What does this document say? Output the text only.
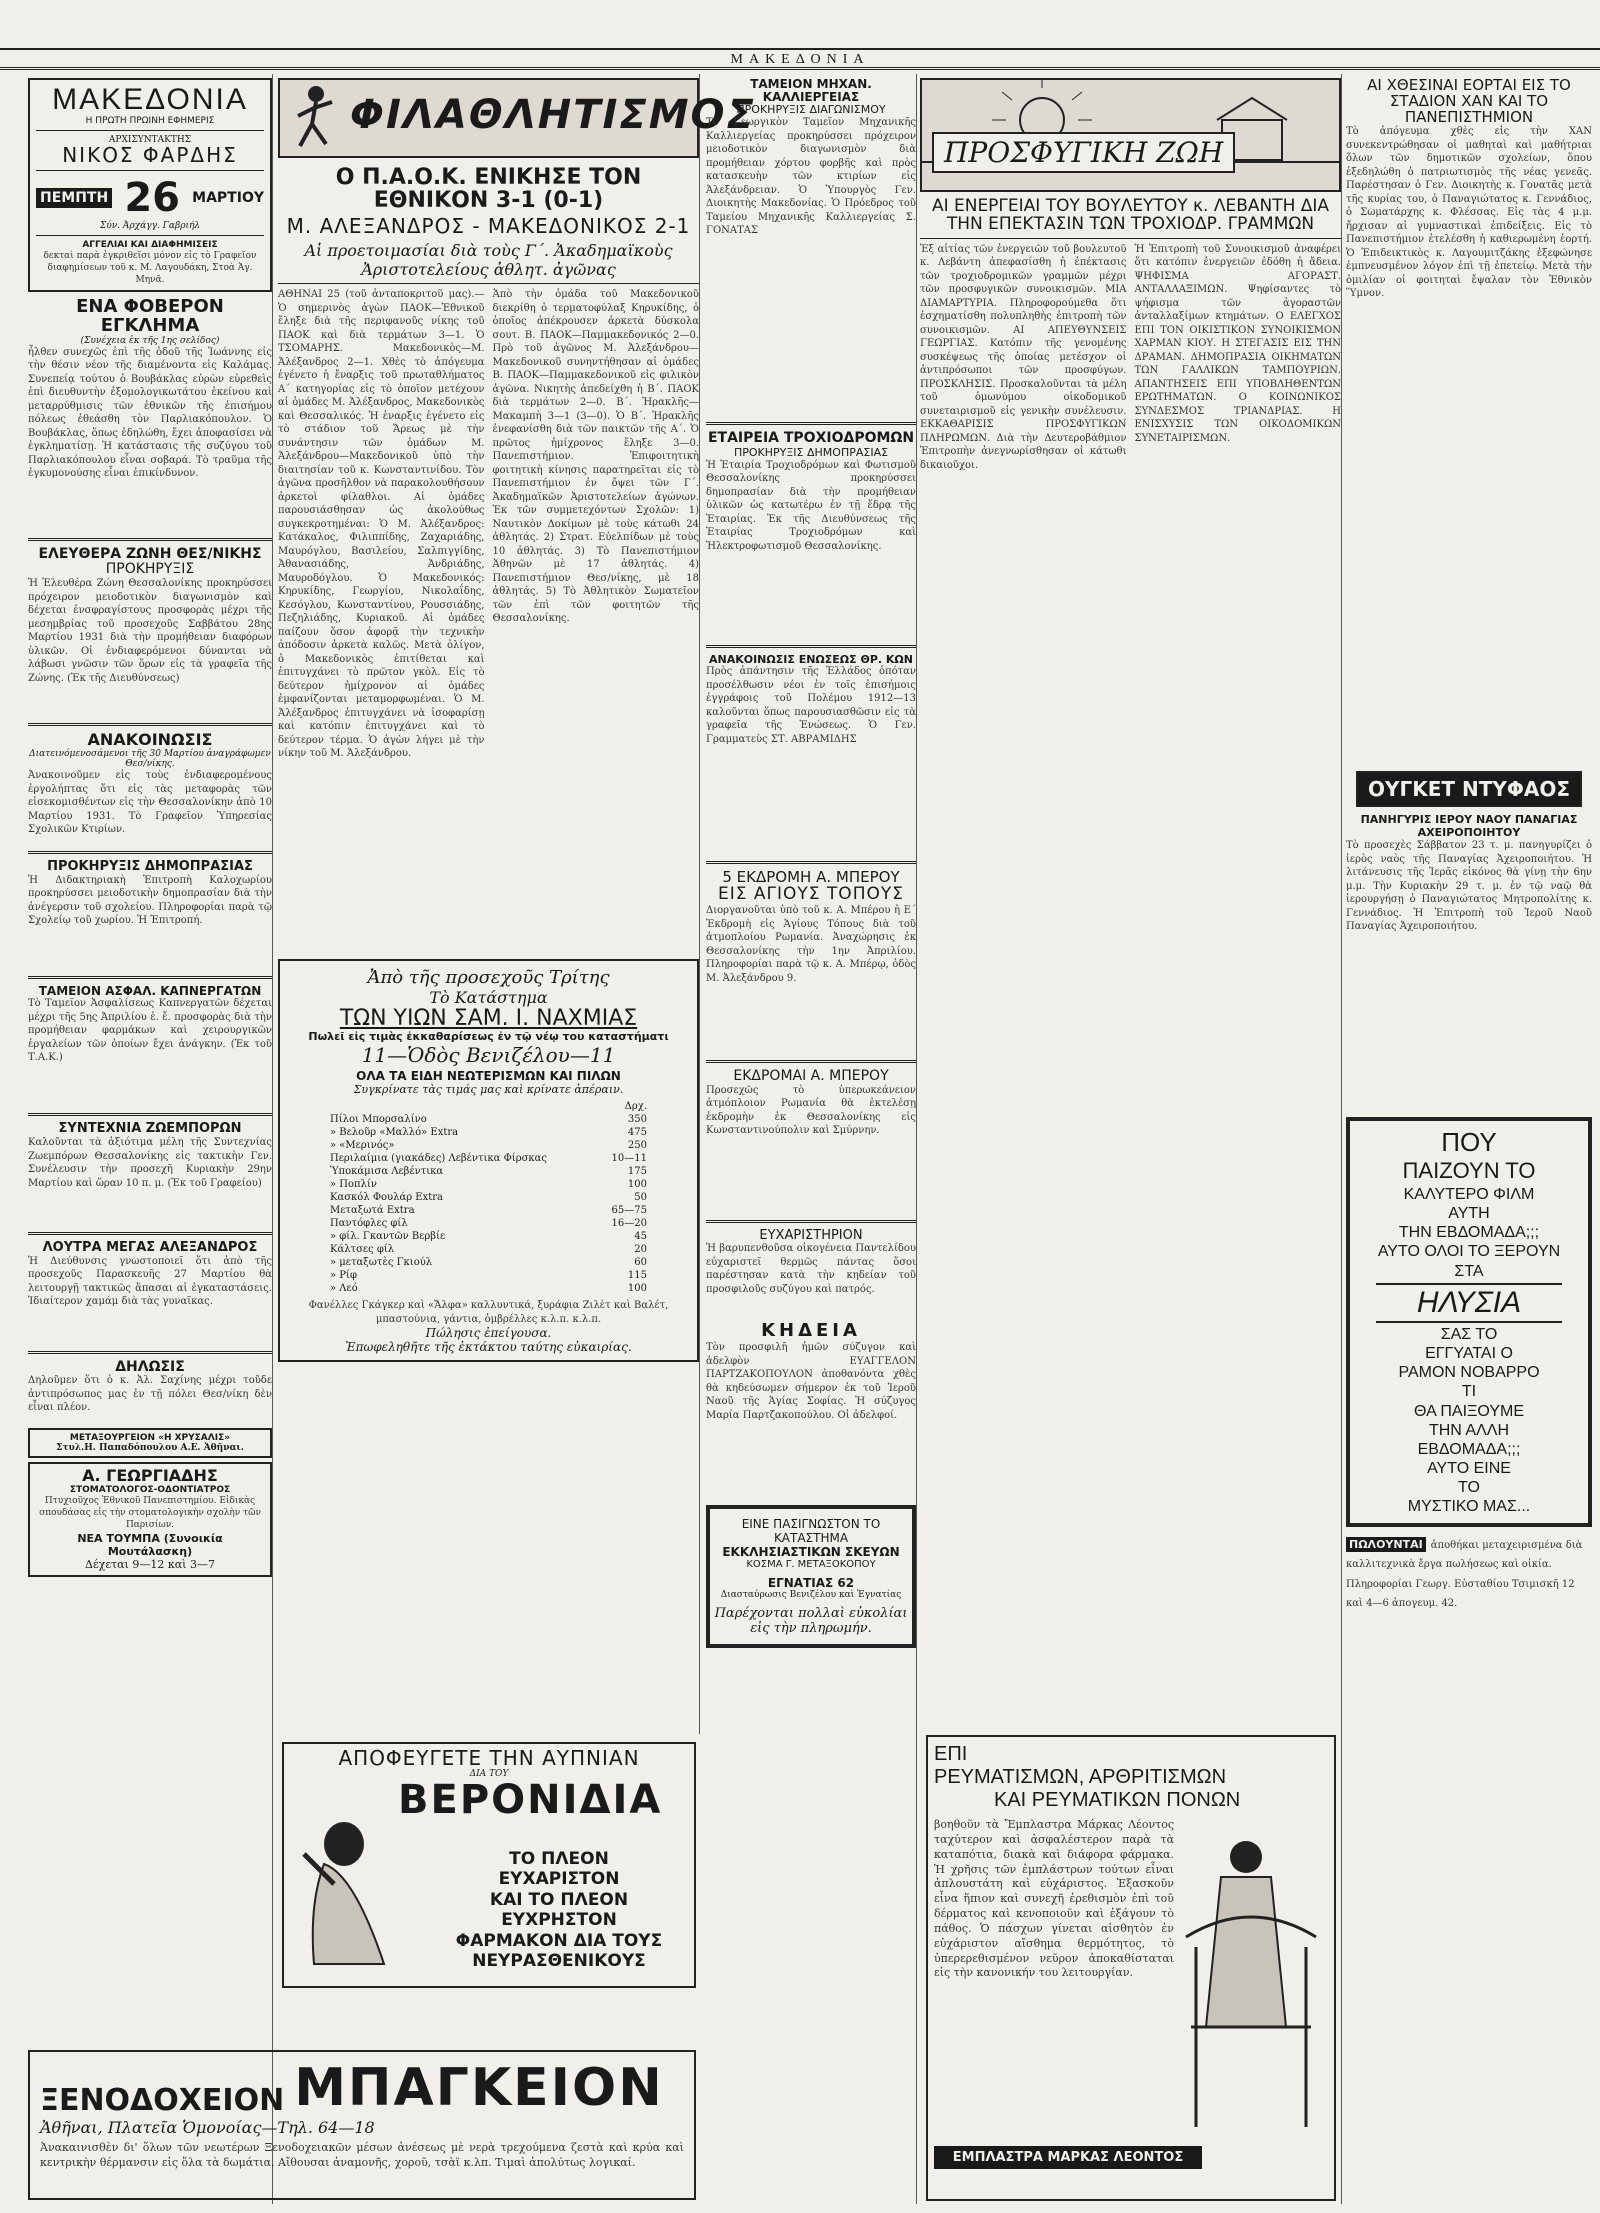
ΜΑΚΕΔΟΝΙΑ
ΜΑΚΕΔΟΝΙΑ
Η ΠΡΩΤΗ ΠΡΩΙΝΗ ΕΦΗΜΕΡΙΣ
ΑΡΧΙΣΥΝΤΑΚΤΗΣ
ΝΙΚΟΣ ΦΑΡΔΗΣ
ΠΕΜΠΤΗ 26 ΜΑΡΤΙΟΥ
Σύν. Ἀρχάγγ. Γαβριήλ
ΑΓΓΕΛΙΑΙ ΚΑΙ ΔΙΑΦΗΜΙΣΕΙΣ
δεκταὶ παρὰ ἐγκριθεῖσι μόνον εἰς τὸ Γραφεῖον διαφημίσεων τοῦ κ. Μ. Λαγουδάκη, Στοὰ Ἁγ. Μηνᾶ.
ΕΝΑ ΦΟΒΕΡΟΝ ΕΓΚΛΗΜΑ
(Συνέχεια ἐκ τῆς 1ης σελίδος)
ἦλθεν συνεχῶς ἐπὶ τῆς ὁδοῦ τῆς Ἰωάννης εἰς τὴν θέσιν νέον τῆς διαμένοντα εἰς Καλάμας. Συνεπείᾳ τούτου ὁ Βουβάκλας εὑρὼν εὑρεθεὶς ἐπὶ διευθυντὴν ἐξομολογικωτάτου ἐκείνου καὶ μεταρρύθμισις τῶν ἐθνικῶν τῆς ἐπισήμου πόλεως ἐθεάσθη τὸν Παρλιακόπουλον. Ὁ Βουβάκλας, ὅπως ἐδηλώθη, ἔχει ἀποφασίσει νὰ ἐγκληματίσῃ. Ἡ κατάστασις τῆς συζύγου τοῦ Παρλιακόπουλου εἶναι σοβαρά. Τὸ τραῦμα τῆς ἐγκυμονούσης εἶναι ἐπικίνδυνον.
ΕΛΕΥΘΕΡΑ ΖΩΝΗ ΘΕΣ/ΝΙΚΗΣ
ΠΡΟΚΗΡΥΞΙΣ
Ἡ Ἐλευθέρα Ζώνη Θεσσαλονίκης προκηρύσσει πρόχειρον μειοδοτικὸν διαγωνισμὸν καὶ δέχεται ἐνσφραγίστους προσφορὰς μέχρι τῆς μεσημβρίας τοῦ προσεχοῦς Σαββάτου 28ης Μαρτίου 1931 διὰ τὴν προμήθειαν διαφόρων ὑλικῶν. Οἱ ἐνδιαφερόμενοι δύνανται νὰ λάβωσι γνῶσιν τῶν ὅρων εἰς τὰ γραφεῖα τῆς Ζώνης. (Ἐκ τῆς Διευθύνσεως)
ΑΝΑΚΟΙΝΩΣΙΣ
Διατεινόμενοσάμενοι τῆς 30 Μαρτίου ἀναγράφωμεν Θεσ/νίκης.
Ἀνακοινοῦμεν εἰς τοὺς ἐνδιαφερομένους ἐργολήπτας ὅτι εἰς τὰς μεταφορὰς τῶν εἰσεκομισθέντων εἰς τὴν Θεσσαλονίκην ἀπὸ 10 Μαρτίου 1931. Τὸ Γραφεῖον Ὑπηρεσίας Σχολικῶν Κτιρίων.
ΠΡΟΚΗΡΥΞΙΣ ΔΗΜΟΠΡΑΣΙΑΣ
Ἡ Διδακτηριακὴ Ἐπιτροπὴ Καλοχωρίου προκηρύσσει μειοδοτικὴν δημοπρασίαν διὰ τὴν ἀνέγερσιν τοῦ σχολείου. Πληροφορίαι παρὰ τῷ Σχολείῳ τοῦ χωρίου. Ἡ Ἐπιτροπή.
ΤΑΜΕΙΟΝ ΑΣΦΑΛ. ΚΑΠΝΕΡΓΑΤΩΝ
Τὸ Ταμεῖον Ἀσφαλίσεως Καπνεργατῶν δέχεται μέχρι τῆς 5ης Ἀπριλίου ἐ. ἔ. προσφορὰς διὰ τὴν προμήθειαν φαρμάκων καὶ χειρουργικῶν ἐργαλείων τῶν ὁποίων ἔχει ἀνάγκην. (Ἐκ τοῦ Τ.Α.Κ.)
ΣΥΝΤΕΧΝΙΑ ΖΩΕΜΠΟΡΩΝ
Καλοῦνται τὰ ἀξιότιμα μέλη τῆς Συντεχνίας Ζωεμπόρων Θεσσαλονίκης εἰς τακτικὴν Γεν. Συνέλευσιν τὴν προσεχῆ Κυριακὴν 29ην Μαρτίου καὶ ὥραν 10 π. μ. (Ἐκ τοῦ Γραφείου)
ΛΟΥΤΡΑ ΜΕΓΑΣ ΑΛΕΞΑΝΔΡΟΣ
Ἡ Διεύθυνσις γνωστοποιεῖ ὅτι ἀπὸ τῆς προσεχοῦς Παρασκευῆς 27 Μαρτίου θὰ λειτουργῇ τακτικῶς ἅπασαι αἱ ἐγκαταστάσεις. Ἰδιαίτερον χαμάμ διὰ τὰς γυναῖκας.
ΔΗΛΩΣΙΣ
Δηλοῦμεν ὅτι ὁ κ. Ἀλ. Σαχίνης μέχρι τοῦδε ἀντιπρόσωπος μας ἐν τῇ πόλει Θεσ/νίκη δὲν εἶναι πλέον.
ΜΕΤΑΞΟΥΡΓΕΙΟΝ «Η ΧΡΥΣΑΛΙΣ»
Στυλ.Η. Παπαδόπουλου Α.Ε. Ἀθῆναι.
Α. ΓΕΩΡΓΙΑΔΗΣ
ΣΤΟΜΑΤΟΛΟΓΟΣ-ΟΔΟΝΤΙΑΤΡΟΣ
Πτυχιοῦχος Ἐθνικοῦ Πανεπιστημίου. Εἰδικὰς σπουδάσας εἰς τὴν στοματολογικὴν σχολὴν τῶν Παρισίων.
ΝΕΑ ΤΟΥΜΠΑ (Συνοικία Μουτάλασκη)
Δέχεται 9—12 καὶ 3—7
ΦΙΛΑΘΛΗΤΙΣΜΟΣ
Ο Π.Α.Ο.Κ. ΕΝΙΚΗΣΕ ΤΟΝ ΕΘΝΙΚΟΝ 3-1 (0-1)
Μ. ΑΛΕΞΑΝΔΡΟΣ - ΜΑΚΕΔΟΝΙΚΟΣ 2-1
Αἱ προετοιμασίαι διὰ τοὺς Γ΄. Ἀκαδημαϊκοὺς Ἀριστοτελείους ἀθλητ. ἀγῶνας
ΑΘΗΝΑΙ 25 (τοῦ ἀνταποκριτοῦ μας).— Ὁ σημερινὸς ἀγὼν ΠΑΟΚ—Ἐθνικοῦ ἔληξε διὰ τῆς περιφανοῦς νίκης τοῦ ΠΑΟΚ καὶ διὰ τερμάτων 3—1. Ὁ ΤΣΟΜΑΡΗΣ. Μακεδονικὸς—Μ. Ἀλέξανδρος 2—1. Χθὲς τὸ ἀπόγευμα ἐγένετο ἡ ἔναρξις τοῦ πρωταθλήματος Α΄ κατηγορίας εἰς τὸ ὁποῖον μετέχουν αἱ ὁμάδες Μ. Ἀλέξανδρος, Μακεδονικὸς καὶ Θεσσαλικός. Ἡ ἐναρξις ἐγένετο εἰς τὸ στάδιον τοῦ Ἄρεως μὲ τὴν συνάντησιν τῶν ὁμάδων Μ. Ἀλεξάνδρου—Μακεδονικοῦ ὑπὸ τὴν διαιτησίαν τοῦ κ. Κωνσταντινίδου. Τὸν ἀγῶνα προσῆλθον νὰ παρακολουθήσουν ἀρκετοὶ φίλαθλοι. Αἱ ὁμάδες παρουσιάσθησαν ὡς ἀκολούθως συγκεκροτημέναι: Ὁ Μ. Ἀλέξανδρος: Κατάκαλος, Φιλιππίδης, Ζαχαριάδης, Μαυρόγλου, Βασιλείου, Σαλπιγγίδης, Ἀθανασιάδης, Ἀνδριάδης, Μαυροδόγλου. Ὁ Μακεδονικός: Κηρυκίδης, Γεωργίου, Νικολαΐδης, Κεσόγλου, Κωνσταντίνου, Ρουσσιάδης, Πεζηλιάδης, Κυριακοῦ. Αἱ ὁμάδες παίζουν ὅσον ἀφορᾷ τὴν τεχνικὴν ἀπόδοσιν ἀρκετὰ καλῶς. Μετὰ ὀλίγον, ὁ Μακεδονικὸς ἐπιτίθεται καὶ ἐπιτυγχάνει τὸ πρῶτον γκὸλ. Εἰς τὸ δεύτερον ἡμίχρονον αἱ ὁμάδες ἐμφανίζονται μεταμορφωμέναι. Ὁ Μ. Ἀλέξανδρος ἐπιτυγχάνει νὰ ἰσοφαρίσῃ καὶ κατόπιν ἐπιτυγχάνει καὶ τὸ δεύτερον τέρμα. Ὁ ἀγὼν λήγει μὲ τὴν νίκην τοῦ Μ. Ἀλεξάνδρου.
Ἀπὸ τὴν ὁμάδα τοῦ Μακεδονικοῦ διεκρίθη ὁ τερματοφύλαξ Κηρυκίδης, ὁ ὁποῖος ἀπέκρουσεν ἀρκετὰ δύσκολα σουτ. Β. ΠΑΟΚ—Παμμακεδονικός 2—0. Πρὸ τοῦ ἀγῶνος Μ. Ἀλεξάνδρου—Μακεδονικοῦ συνηντήθησαν αἱ ὁμάδες Β. ΠΑΟΚ—Παμμακεδονικοῦ εἰς φιλικὸν ἀγῶνα. Νικητὴς ἀπεδείχθη ἡ Β΄. ΠΑΟΚ διὰ τερμάτων 2—0. Β΄. Ἡρακλῆς—Μακαμπὴ 3—1 (3—0). Ὁ Β΄. Ἡρακλῆς ἐνεφανίσθη διὰ τῶν παικτῶν τῆς Α΄. Ὁ πρῶτος ἡμίχρονος ἔληξε 3—0. Πανεπιστήμιον. Ἐπιφοιτητικὴ φοιτητικὴ κίνησις παρατηρεῖται εἰς τὸ Πανεπιστήμιον ἐν ὄψει τῶν Γ΄. Ἀκαδημαϊκῶν Ἀριστοτελείων ἀγώνων. Ἐκ τῶν συμμετεχόντων Σχολῶν: 1) Ναυτικὸν Δοκίμων μὲ τοὺς κάτωθι 24 ἀθλητάς. 2) Στρατ. Εὐελπίδων μὲ τοὺς 10 ἀθλητάς. 3) Τὸ Πανεπιστήμιον Ἀθηνῶν μὲ 17 ἀθλητάς. 4) Πανεπιστήμιον Θεσ/νίκης, μὲ 18 ἀθλητάς. 5) Τὸ Ἀθλητικὸν Σωματεῖον τῶν ἐπὶ τῶν φοιτητῶν τῆς Θεσσαλονίκης.
Ἀπὸ τῆς προσεχοῦς Τρίτης
Τὸ Κατάστημα
ΤΩΝ ΥΙΩΝ ΣΑΜ. Ι. ΝΑΧΜΙΑΣ
Πωλεῖ εἰς τιμὰς ἐκκαθαρίσεως ἐν τῷ νέῳ του καταστήματι
11—Ὁδὸς Βενιζέλου—11
ΟΛΑ ΤΑ ΕΙΔΗ ΝΕΩΤΕΡΙΣΜΩΝ ΚΑΙ ΠΙΛΩΝ
Συγκρίνατε τὰς τιμάς μας καὶ κρίνατε ἀπέραιν.
Δρχ.
Πίλοι Μπορσαλίνο	350
» Βελοῦρ «Μαλλό» Extra	475
» «Μερινός»	250
Περιλαίμια (γιακάδες) Λεβέντικα Φίρσκας	10—11
Ὑποκάμισα Λεβέντικα	175
» Ποπλίν	100
Κασκόλ Φουλάρ Extra	50
Μεταξωτά Extra	65—75
Παντόφλες φίλ	16—20
» φίλ. Γκαντῶν Βερβίε	45
Κάλτσες φίλ	20
» μεταξωτὲς Γκιούλ	60
» Ρίφ	115
» Λεό	100
Φανέλλες Γκάγκερ καὶ «Ἄλφα» καλλυντικά, ξυράφια Ζιλὲτ καὶ Βαλέτ, μπαστούνια, γάντια, ὀμβρέλλες κ.λ.π. κ.λ.π.
Πώλησις ἐπείγουσα.
Ἐπωφεληθῆτε τῆς ἐκτάκτου ταύτης εὐκαιρίας.
ΑΠΟΦΕΥΓΕΤΕ ΤΗΝ ΑΥΠΝΙΑΝ
ΔΙΑ ΤΟΥ
ΒΕΡΟΝΙΔΙΑ
ΤΟ ΠΛΕΟΝ
ΕΥΧΑΡΙΣΤΟΝ
ΚΑΙ ΤΟ ΠΛΕΟΝ
ΕΥΧΡΗΣΤΟΝ
ΦΑΡΜΑΚΟΝ ΔΙΑ ΤΟΥΣ
ΝΕΥΡΑΣΘΕΝΙΚΟΥΣ
ΞΕΝΟΔΟΧΕΙΟΝ ΜΠΑΓΚΕΙΟΝ
Ἀθῆναι, Πλατεῖα Ὁμονοίας—Τηλ. 64—18
Ἀνακαινισθὲν δι' ὅλων τῶν νεωτέρων Ξενοδοχειακῶν μέσων ἀνέσεως μὲ νερὰ τρεχούμενα ζεστὰ καὶ κρύα καὶ κεντρικὴν θέρμανσιν εἰς ὅλα τὰ δωμάτια. Αἴθουσαι ἀναμονῆς, χοροῦ, τσὰϊ κ.λπ. Τιμαὶ ἀπολύτως λογικαί.
ΤΑΜΕΙΟΝ ΜΗΧΑΝ. ΚΑΛΛΙΕΡΓΕΙΑΣ
ΠΡΟΚΗΡΥΞΙΣ ΔΙΑΓΩΝΙΣΜΟΥ
Τὸ Γεωργικὸν Ταμεῖον Μηχανικῆς Καλλιεργείας προκηρύσσει πρόχειρον μειοδοτικὸν διαγωνισμὸν διὰ προμήθειαν χόρτου φορβῆς καὶ πρὸς κατασκευὴν τῶν κτιρίων εἰς Ἀλεξάνδρειαν. Ὁ Ὑπουργὸς Γεν. Διοικητὴς Μακεδονίας. Ὁ Πρόεδρος τοῦ Ταμείου Μηχανικῆς Καλλιεργείας Σ. ΓΟΝΑΤΑΣ
ΕΤΑΙΡΕΙΑ ΤΡΟΧΙΟΔΡΟΜΩΝ
ΠΡΟΚΗΡΥΞΙΣ ΔΗΜΟΠΡΑΣΙΑΣ
Ἡ Ἑταιρία Τροχιοδρόμων καὶ Φωτισμοῦ Θεσσαλονίκης προκηρύσσει δημοπρασίαν διὰ τὴν προμήθειαν ὑλικῶν ὡς κατωτέρω ἐν τῇ ἕδρᾳ τῆς Ἑταιρίας. Ἐκ τῆς Διευθύνσεως τῆς Ἑταιρίας Τροχιοδρόμων καὶ Ἠλεκτροφωτισμοῦ Θεσσαλονίκης.
ΑΝΑΚΟΙΝΩΣΙΣ ΕΝΩΣΕΩΣ ΘΡ. ΚΩΝ
Πρὸς ἀπάντησιν τῆς Ἑλλάδος ὁπόταν προσέλθωσιν νέοι ἐν τοῖς ἐπισήμοις ἐγγράφοις τοῦ Πολέμου 1912—13 καλοῦνται ὅπως παρουσιασθῶσιν εἰς τὰ γραφεῖα τῆς Ἑνώσεως. Ὁ Γεν. Γραμματεὺς ΣΤ. ΑΒΡΑΜΙΔΗΣ
5 ΕΚΔΡΟΜΗ Α. ΜΠΕΡΟΥ
ΕΙΣ ΑΓΙΟΥΣ ΤΟΠΟΥΣ
Διοργανοῦται ὑπὸ τοῦ κ. Α. Μπέρου ἡ Ε΄ Ἐκδρομὴ εἰς Ἁγίους Τόπους διὰ τοῦ ἀτμοπλοίου Ρωμανία. Ἀναχώρησις ἐκ Θεσσαλονίκης τὴν 1ην Ἀπριλίου. Πληροφορίαι παρὰ τῷ κ. Α. Μπέρῳ, ὁδὸς Μ. Ἀλεξάνδρου 9.
ΕΚΔΡΟΜΑΙ Α. ΜΠΕΡΟΥ
Προσεχῶς τὸ ὑπερωκεάνειον ἀτμόπλοιον Ρωμανία θὰ ἐκτελέσῃ ἐκδρομὴν ἐκ Θεσσαλονίκης εἰς Κωνσταντινούπολιν καὶ Σμύρνην.
ΕΥΧΑΡΙΣΤΗΡΙΟΝ
Ἡ βαρυπενθοῦσα οἰκογένεια Παντελίδου εὐχαριστεῖ θερμῶς πάντας ὅσοι παρέστησαν κατὰ τὴν κηδείαν τοῦ προσφιλοῦς συζύγου καὶ πατρός.
ΚΗΔΕΙΑ
Τὸν προσφιλῆ ἡμῶν σύζυγον καὶ ἀδελφὸν ΕΥΑΓΓΕΛΟΝ ΠΑΡΤΖΑΚΟΠΟΥΛΟΝ ἀποθανόντα χθὲς θὰ κηδεύσωμεν σήμερον ἐκ τοῦ Ἱεροῦ Ναοῦ τῆς Ἁγίας Σοφίας. Ἡ σύζυγος Μαρία Παρτζακοπούλου. Οἱ ἀδελφοί.
ΕΙΝΕ ΠΑΣΙΓΝΩΣΤΟΝ ΤΟ ΚΑΤΑΣΤΗΜΑ
ΕΚΚΛΗΣΙΑΣΤΙΚΩΝ ΣΚΕΥΩΝ
ΚΟΣΜΑ Γ. ΜΕΤΑΞΟΚΟΠΟΥ
ΕΓΝΑΤΙΑΣ 62
Διασταύρωσις Βενιζέλου καὶ Ἐγνατίας
Παρέχονται πολλαὶ εὐκολίαι εἰς τὴν πληρωμήν.
ΠΡΟΣΦΥΓΙΚΗ ΖΩΗ
ΑΙ ΕΝΕΡΓΕΙΑΙ ΤΟΥ ΒΟΥΛΕΥΤΟΥ κ. ΛΕΒΑΝΤΗ ΔΙΑ ΤΗΝ ΕΠΕΚΤΑΣΙΝ ΤΩΝ ΤΡΟΧΙΟΔΡ. ΓΡΑΜΜΩΝ
Ἐξ αἰτίας τῶν ἐνεργειῶν τοῦ βουλευτοῦ κ. Λεβάντη ἀπεφασίσθη ἡ ἐπέκτασις τῶν τροχιοδρομικῶν γραμμῶν μέχρι τῶν προσφυγικῶν συνοικισμῶν. ΜΙΑ ΔΙΑΜΑΡΤΥΡΙΑ. Πληροφορούμεθα ὅτι ἐσχηματίσθη πολυπληθὴς ἐπιτροπὴ τῶν συνοικισμῶν. ΑΙ ΑΠΕΥΘΥΝΣΕΙΣ ΓΕΩΡΓΙΑΣ. Κατόπιν τῆς γενομένης συσκέψεως τῆς ὁποίας μετέσχον οἱ ἀντιπρόσωποι τῶν προσφύγων. ΠΡΟΣΚΛΗΣΙΣ. Προσκαλοῦνται τὰ μέλη τοῦ ὁμωνύμου οἰκοδομικοῦ συνεταιρισμοῦ εἰς γενικὴν συνέλευσιν. ΕΚΚΑΘΑΡΙΣΙΣ ΠΡΟΣΦΥΓΙΚΩΝ ΠΛΗΡΩΜΩΝ. Διὰ τὴν Δευτεροβάθμιον Ἐπιτροπὴν ἀνεγνωρίσθησαν οἱ κάτωθι δικαιοῦχοι.
Ἡ Ἐπιτροπὴ τοῦ Συνοικισμοῦ ἀναφέρει ὅτι κατόπιν ἐνεργειῶν ἐδόθη ἡ ἄδεια. ΨΗΦΙΣΜΑ ΑΓΟΡΑΣΤ. ΑΝΤΑΛΛΑΞΙΜΩΝ. Ψηφίσαντες τὸ ψήφισμα τῶν ἀγοραστῶν ἀνταλλαξίμων κτημάτων. Ο ΕΛΕΓΧΟΣ ΕΠΙ ΤΟΝ ΟΙΚΙΣΤΙΚΟΝ ΣΥΝΟΙΚΙΣΜΟΝ ΧΑΡΜΑΝ ΚΙΟΥ. Η ΣΤΕΓΑΣΙΣ ΕΙΣ ΤΗΝ ΔΡΑΜΑΝ. ΔΗΜΟΠΡΑΣΙΑ ΟΙΚΗΜΑΤΩΝ ΤΩΝ ΓΑΛΛΙΚΩΝ ΤΑΜΠΟΥΡΙΩΝ. ΑΠΑΝΤΗΣΕΙΣ ΕΠΙ ΥΠΟΒΛΗΘΕΝΤΩΝ ΕΡΩΤΗΜΑΤΩΝ. Ο ΚΟΙΝΩΝΙΚΟΣ ΣΥΝΔΕΣΜΟΣ ΤΡΙΑΝΔΡΙΑΣ. Η ΕΝΙΣΧΥΣΙΣ ΤΩΝ ΟΙΚΟΔΟΜΙΚΩΝ ΣΥΝΕΤΑΙΡΙΣΜΩΝ.
ΕΠΙ
ΡΕΥΜΑΤΙΣΜΩΝ, ΑΡΘΡΙΤΙΣΜΩΝ
ΚΑΙ ΡΕΥΜΑΤΙΚΩΝ ΠΟΝΩΝ
βοηθοῦν τὰ Ἔμπλαστρα Μάρκας Λέοντος ταχύτερον καὶ ἀσφαλέστερον παρὰ τὰ καταπότια, διακὰ καὶ διάφορα φάρμακα. Ἡ χρῆσις τῶν ἐμπλάστρων τούτων εἶναι ἁπλουστάτη καὶ εὐχάριστος. Ἐξασκοῦν εἶνα ἥπιον καὶ συνεχῆ ἐρεθισμὸν ἐπὶ τοῦ δέρματος καὶ κενοποιοῦν καὶ ἐξάγουν τὸ πάθος. Ὁ πάσχων γίνεται αἰσθητὸν ἐν εὐχάριστον αἴσθημα θερμότητος, τὸ ὑπερερεθισμένον νεῦρον ἀποκαθίσταται εἰς τὴν κανονικήν του λειτουργίαν.
ΕΜΠΛΑΣΤΡΑ ΜΑΡΚΑΣ ΛΕΟΝΤΟΣ
ΑΙ ΧΘΕΣΙΝΑΙ ΕΟΡΤΑΙ ΕΙΣ ΤΟ ΣΤΑΔΙΟΝ ΧΑΝ ΚΑΙ ΤΟ ΠΑΝΕΠΙΣΤΗΜΙΟΝ
Τὸ ἀπόγευμα χθὲς εἰς τὴν ΧΑΝ συνεκεντρώθησαν οἱ μαθηταὶ καὶ μαθήτριαι ὅλων τῶν δημοτικῶν σχολείων, ὅπου ἐξεδηλώθη ὁ πατριωτισμὸς τῆς νέας γενεᾶς. Παρέστησαν ὁ Γεν. Διοικητὴς κ. Γονατᾶς μετὰ τῆς κυρίας του, ὁ Παναγιώτατος κ. Γεννάδιος, ὁ Σωματάρχης κ. Φλέσσας. Εἰς τὰς 4 μ.μ. ἤρχισαν αἱ γυμναστικαὶ ἐπιδείξεις. Εἰς τὸ Πανεπιστήμιον ἐτελέσθη ἡ καθιερωμένη ἑορτή. Ὁ Ἐπιδεικτικὸς κ. Λαγουμιτζάκης ἐξεφώνησε ἐμπνευσμένον λόγον ἐπὶ τῇ ἐπετείῳ. Μετὰ τὴν ὁμιλίαν οἱ φοιτηταὶ ἔψαλαν τὸν Ἐθνικὸν Ὕμνον.
ΟΥΓΚΕΤ ΝΤΥΦΑΟΣ
ΠΑΝΗΓΥΡΙΣ ΙΕΡΟΥ ΝΑΟΥ ΠΑΝΑΓΙΑΣ ΑΧΕΙΡΟΠΟΙΗΤΟΥ
Τὸ προσεχὲς Σάββατον 23 τ. μ. πανηγυρίζει ὁ ἱερὸς ναὸς τῆς Παναγίας Ἀχειροποιήτου. Ἡ λιτάνευσις τῆς Ἱερᾶς εἰκόνος θὰ γίνῃ τὴν 6ην μ.μ. Τὴν Κυριακὴν 29 τ. μ. ἐν τῷ ναῷ θὰ ἱερουργήσῃ ὁ Παναγιώτατος Μητροπολίτης κ. Γεννάδιος. Ἡ Ἐπιτροπὴ τοῦ Ἱεροῦ Ναοῦ Παναγίας Ἀχειροποιήτου.
ΠΟΥ
ΠΑΙΖΟΥΝ ΤΟ
ΚΑΛΥΤΕΡΟ ΦΙΛΜ
ΑΥΤΗ
ΤΗΝ ΕΒΔΟΜΑΔΑ;;;
ΑΥΤΟ ΟΛΟΙ ΤΟ ΞΕΡΟΥΝ
ΣΤΑ
ΗΛΥΣΙΑ
ΣΑΣ ΤΟ
ΕΓΓΥΑΤΑΙ Ο
ΡΑΜΟΝ ΝΟΒΑΡΡΟ
ΤΙ
ΘΑ ΠΑΙΞΟΥΜΕ
ΤΗΝ ΑΛΛΗ
ΕΒΔΟΜΑΔΑ;;;
ΑΥΤΟ ΕΙΝΕ
ΤΟ
ΜΥΣΤΙΚΟ ΜΑΣ...
ΠΩΛΟΥΝΤΑΙ ἀποθήκαι μεταχειρισμένα διὰ καλλιτεχνικὰ ἔργα πωλήσεως καὶ οἰκία. Πληροφορίαι Γεωργ. Εὐσταθίου Τσιμισκῆ 12 καὶ 4—6 ἀπογευμ. 42.
